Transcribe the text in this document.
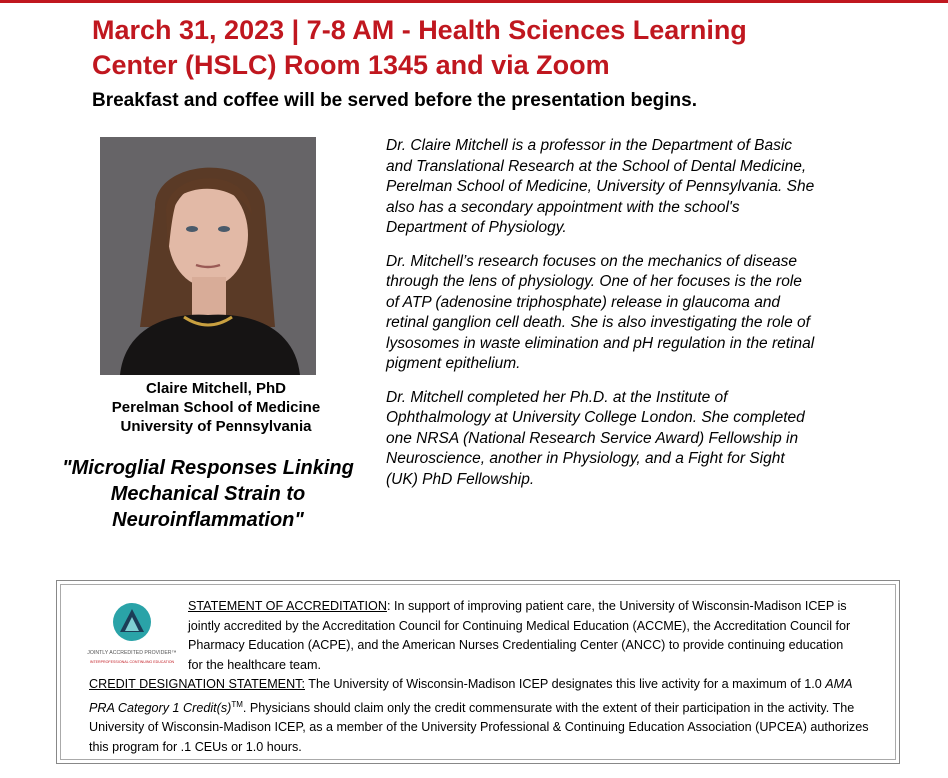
March 31, 2023 | 7-8 AM - Health Sciences Learning
Center (HSLC) Room 1345 and via Zoom
Breakfast and coffee will be served before the presentation begins.
Claire Mitchell, PhD
Perelman School of Medicine
University of Pennsylvania
"Microglial Responses Linking Mechanical Strain to Neuroinflammation"

Dr. Claire Mitchell is a professor in the Department of Basic and Translational Research at the School of Dental Medicine, Perelman School of Medicine, University of Pennsylvania. She also has a secondary appointment with the school's Department of Physiology.

Dr. Mitchell’s research focuses on the mechanics of disease through the lens of physiology. One of her focuses is the role of ATP (adenosine triphosphate) release in glaucoma and retinal ganglion cell death. She is also investigating the role of lysosomes in waste elimination and pH regulation in the retinal pigment epithelium.

Dr. Mitchell completed her Ph.D. at the Institute of Ophthalmology at University College London. She completed one NRSA (National Research Service Award) Fellowship in Neuroscience, another in Physiology, and a Fight for Sight (UK) PhD Fellowship.

JOINTLY ACCREDITED PROVIDER™
INTERPROFESSIONAL CONTINUING EDUCATION
STATEMENT OF ACCREDITATION: In support of improving patient care, the University of Wisconsin-Madison ICEP is jointly accredited by the Accreditation Council for Continuing Medical Education (ACCME), the Accreditation Council for Pharmacy Education (ACPE), and the American Nurses Credentialing Center (ANCC) to provide continuing education for the healthcare team.
CREDIT DESIGNATION STATEMENT: The University of Wisconsin-Madison ICEP designates this live activity for a maximum of 1.0 AMA PRA Category 1 Credit(s)™. Physicians should claim only the credit commensurate with the extent of their participation in the activity. The University of Wisconsin-Madison ICEP, as a member of the University Professional & Continuing Education Association (UPCEA) authorizes this program for .1 CEUs or 1.0 hours.
